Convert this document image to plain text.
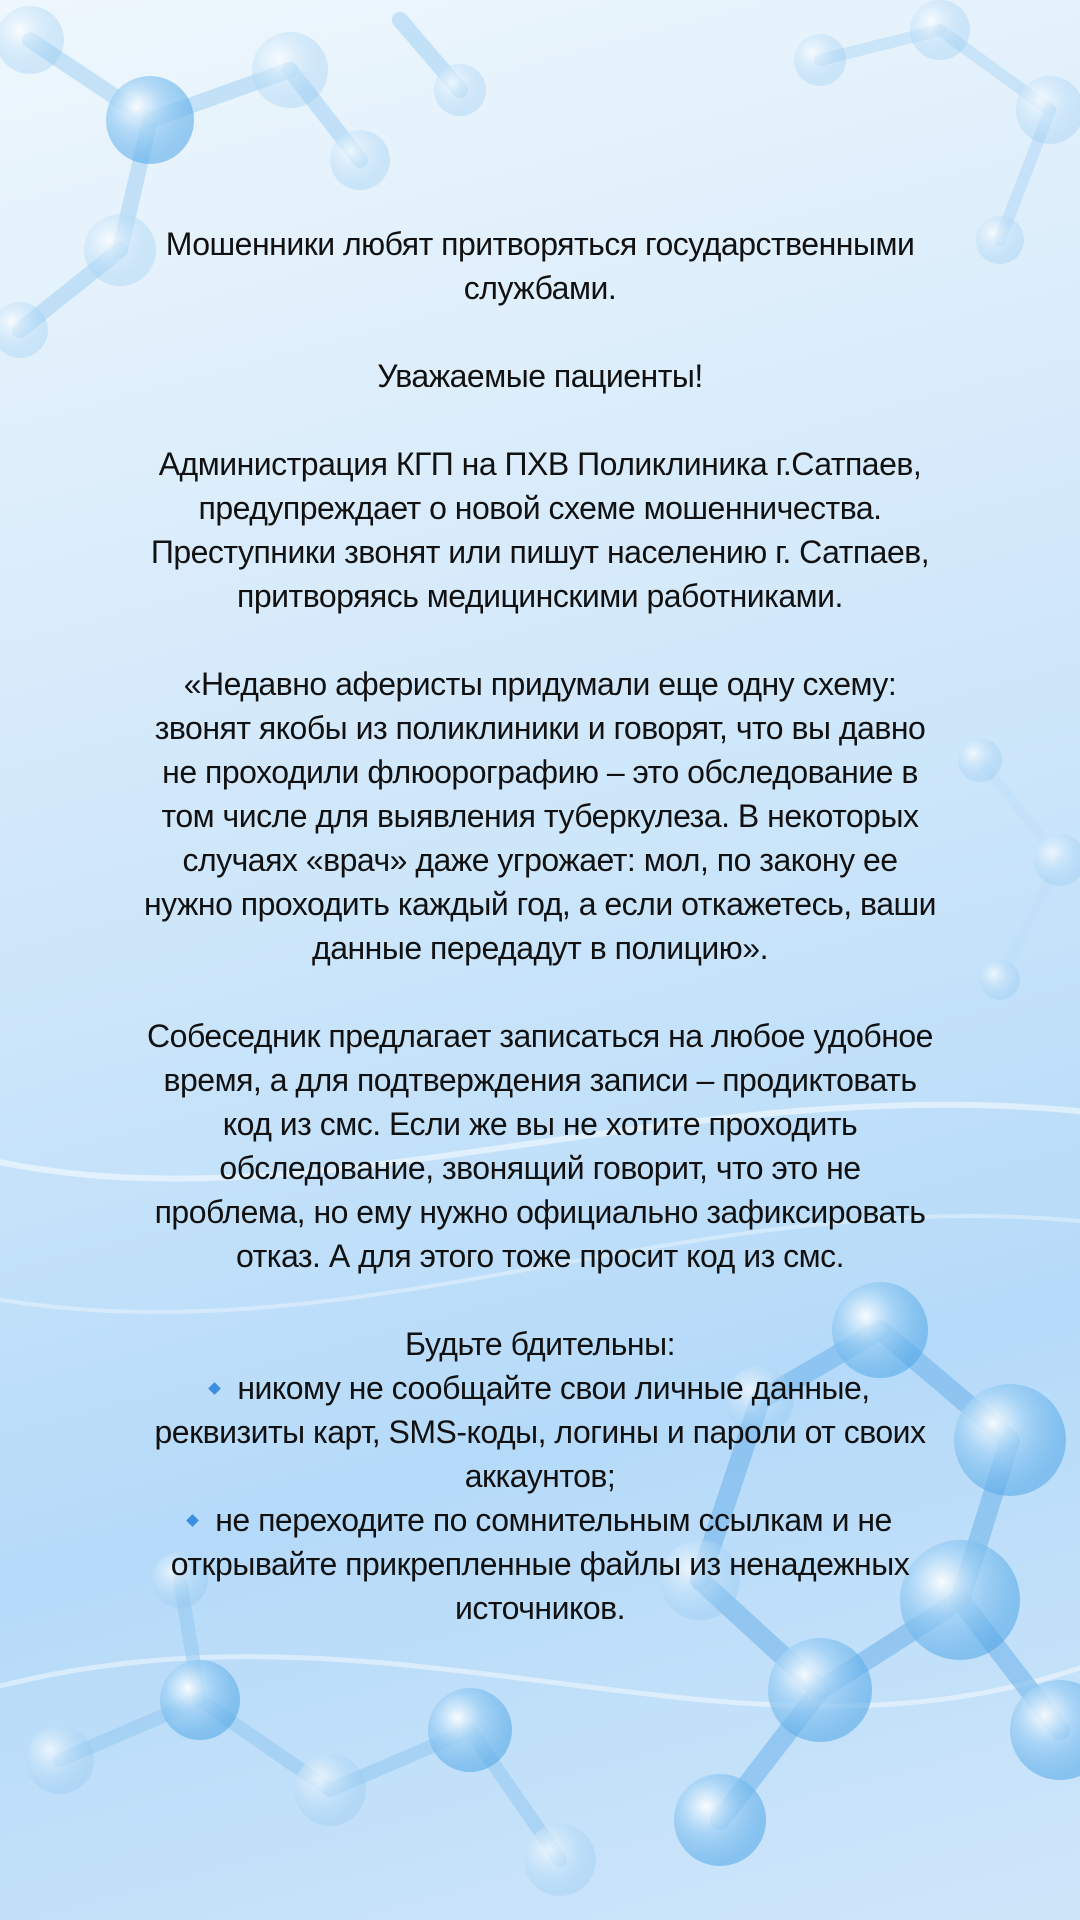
Мошенники любят притворяться государственными
службами.

Уважаемые пациенты!

Администрация КГП на ПХВ Поликлиника г.Сатпаев,
предупреждает о новой схеме мошенничества.
Преступники звонят или пишут населению г. Сатпаев,
притворяясь медицинскими работниками.

«Недавно аферисты придумали еще одну схему:
звонят якобы из поликлиники и говорят, что вы давно
не проходили флюорографию – это обследование в
том числе для выявления туберкулеза. В некоторых
случаях «врач» даже угрожает: мол, по закону ее
нужно проходить каждый год, а если откажетесь, ваши
данные передадут в полицию».

Собеседник предлагает записаться на любое удобное
время, а для подтверждения записи – продиктовать
код из смс. Если же вы не хотите проходить
обследование, звонящий говорит, что это не
проблема, но ему нужно официально зафиксировать
отказ. А для этого тоже просит код из смс.

Будьте бдительны:

никому не сообщайте свои личные данные,
реквизиты карт, SMS-коды, логины и пароли от своих
аккаунтов;

не переходите по сомнительным ссылкам и не
открывайте прикрепленные файлы из ненадежных
источников.
